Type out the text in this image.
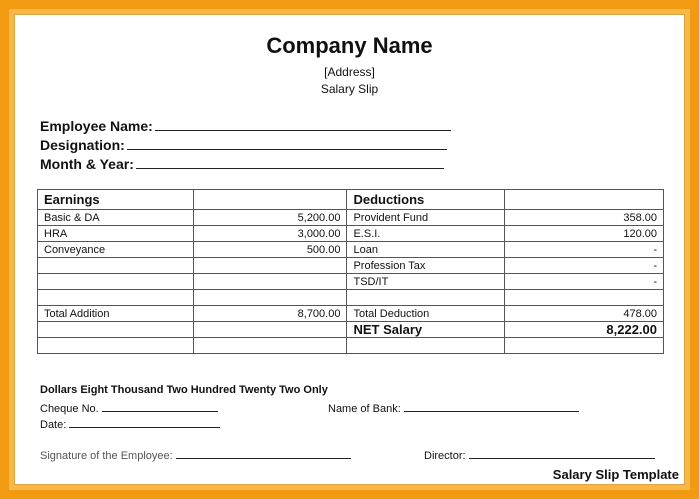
Company Name
[Address]
Salary Slip
Employee Name:
Designation:
Month & Year:
Earnings		Deductions	
Basic & DA	5,200.00	Provident Fund	358.00
HRA	3,000.00	E.S.I.	120.00
Conveyance	500.00	Loan	-
		Profession Tax	-
		TSD/IT	-

Total Addition	8,700.00	Total Deduction	478.00
		NET Salary	8,222.00

Dollars Eight Thousand Two Hundred Twenty Two Only
Cheque No.	Name of Bank:
Date:
Signature of the Employee:	Director:
Salary Slip Template
